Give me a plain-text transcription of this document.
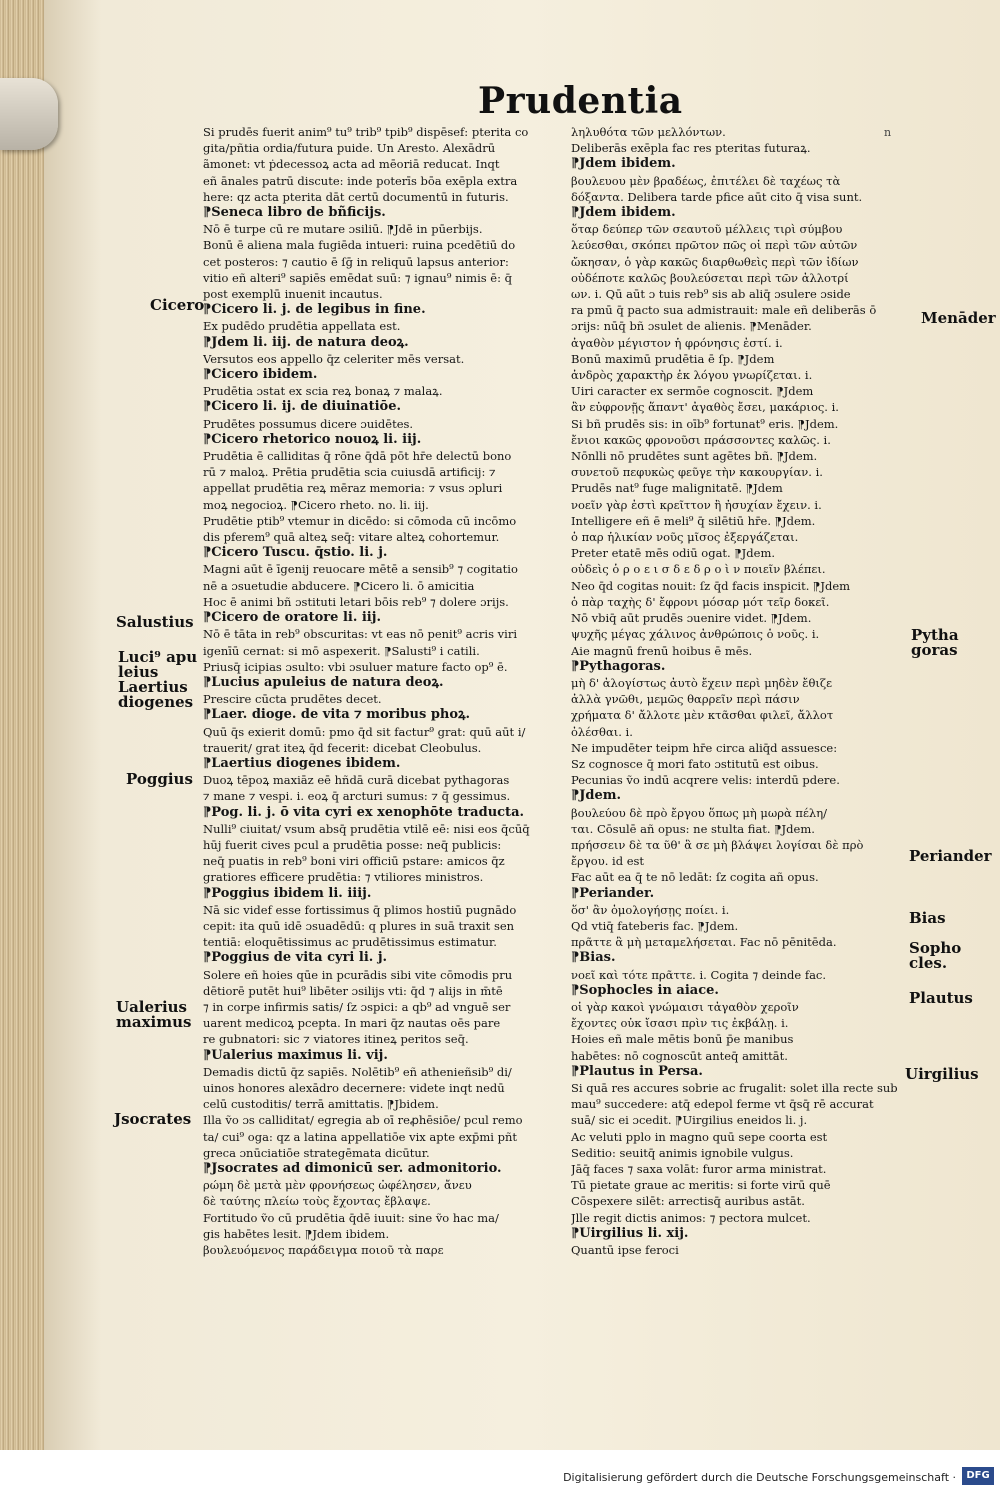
Prudentia
n
Si prudēs fuerit anim⁹ tu⁹ trib⁹ tpib⁹ dispēsef: pterita co
gita/pñtia ordia/futura puide. Un Aresto. Alexādrū
ãmonet: vt ṗdecessoꝝ acta ad mēoriā reducat. Inqt
eñ ānales patrū discute: inde poterīs bōa exēpla extra
here: qz acta pterita dāt certū documentū in futuris.
⁋Seneca libro de bñficijs.
Nō ē turpe cū re mutare ɔsiliū. ⁋Jdē in pūerbijs.
Bonū ē aliena mala fugiēda intueri: ruina pcedētiū do
cet posteros: ⁊ cautio ē ſḡ in reliquū lapsus anterior:
vitio eñ alteri⁹ sapiēs emēdat suū: ⁊ ignau⁹ nimis ē: q̄
post exemplū inuenit incautus.
⁋Cicero li. j. de legibus in fine.
Ex pudēdo prudētia appellata est.
⁋Jdem li. iij. de natura deoꝝ.
Versutos eos appello q̄z celeriter mēs versat.
⁋Cicero ibidem.
Prudētia ɔstat ex scia reꝝ bonaꝝ ⁊ malaꝝ.
⁋Cicero li. ij. de diuinatiōe.
Prudētes possumus dicere ɔuidētes.
⁋Cicero rhetorico nouoꝝ li. iij.
Prudētia ē calliditas q̄ rōne q̄dā pōt hr̄e delectū bono
rū ⁊ maloꝝ. Prētia prudētia scia cuiusdā artificij: ⁊
appellat prudētia reꝝ mēraz memoria: ⁊ vsus ɔpluri
moꝝ negocioꝝ. ⁋Cicero rheto. no. li. iij.
Prudētie ptib⁹ vtemur in dicēdo: si cōmoda cū incōmo
dis pferem⁹ quā alteꝝ seq̄: vitare alteꝝ cohortemur.
⁋Cicero Tuscu. q̄stio. li. j.
Magni aūt ē īgenij reuocare mētē a sensib⁹ ⁊ cogitatio
nē a ɔsuetudie abducere. ⁋Cicero li. ō amicitia
Hoc ē animi bñ ɔstituti letari bōis reb⁹ ⁊ dolere ɔrijs.
⁋Cicero de oratore li. iij.
Nō ē tāta in reb⁹ obscuritas: vt eas nō penit⁹ acris viri
igenīū cernat: si mō aspexerit. ⁋Salusti⁹ i catili.
Priusq̄ icipias ɔsulto: vbi ɔsuluer mature facto op⁹ ē.
⁋Lucius apuleius de natura deoꝝ.
Prescire cūcta prudētes decet.
⁋Laer. dioge. de vita ⁊ moribus phoꝝ.
Quū q̄s exierit domū: pmo q̄d sit factur⁹ grat: quū aūt i/
trauerit/ grat iteꝝ q̄d fecerit: dicebat Cleobulus.
⁋Laertius diogenes ibidem.
Duoꝝ tēpoꝝ maxiāz eē hñdā curā dicebat pythagoras
⁊ mane ⁊ vespi. i. eoꝝ q̄ arcturi sumus: ⁊ q̄ gessimus.
⁋Pog. li. j. ō vita cyri ex xenophōte traducta.
Nulli⁹ ciuitat/ vsum absq̄ prudētia vtilē eē: nisi eos q̄cūq̄
hūj fuerit cives pcul a prudētia posse: neq̄ publicis:
neq̄ puatis in reb⁹ boni viri officiū pstare: amicos q̄z
gratiores efficere prudētia: ⁊ vtiliores ministros.
⁋Poggius ibidem li. iiij.
Nā sic videf esse fortissimus q̄ plimos hostiū pugnādo
cepit: ita quū idē ɔsuadēdū: q plures in suā traxit sen
tentiā: eloquētissimus ac prudētissimus estimatur.
⁋Poggius de vita cyri li. j.
Solere eñ hoies qūe in pcurādis sibi vite cōmodis pru
dētiorē putēt hui⁹ libēter ɔsilijs vti: q̄d ⁊ alijs in m̄tē
⁊ in corpe infirmis satis/ ſz ɔspici: a qb⁹ ad vnguē ser
uarent medicoꝝ pcepta. In mari q̄z nautas oēs pare
re gubnatori: sic ⁊ viatores itineꝝ peritos seq̄.
⁋Ualerius maximus li. vij.
Demadis dictū q̄z sapiēs. Nolētib⁹ eñ athenieñsib⁹ di/
uinos honores alexādro decernere: videte inqt nedū
celū custoditis/ terrā amittatis. ⁋Jbidem.
Illa ṽo ɔs calliditat/ egregia ab oī reꝓhēsiōe/ pcul remo
ta/ cui⁹ oga: qz a latina appellatiōe vix apte exp̄mi pñt
greca ɔnūciatiōe strategēmata dicūtur.
⁋Jsocrates ad dimonicū ser. admonitorio.
ρώμη δὲ μετὰ μὲν φρονήσεως ὠφέλησεν, ἄνευ
δὲ ταύτης πλείω τοὺς ἔχοντας ἔβλαψε.
Fortitudo ṽo cū prudētia q̄dē iuuit: sine ṽo hac ma/
gis habētes lesit. ⁋Jdem ibidem.
βουλευόμενος παράδειγμα ποιοῦ τὰ παρε
ληλυθότα τῶν μελλόντων.
Deliberās exēpla fac res pteritas futuraꝝ.
⁋Jdem ibidem.
βουλευου μὲν βραδέως, ἐπιτέλει δὲ ταχέως τὰ
δόξαντα. Delibera tarde pfice aūt cito q̄ visa sunt.
⁋Jdem ibidem.
ὅταρ δεύπερ τῶν σεαυτοῦ μέλλεις τιρὶ σύμβου
λεύεσθαι, σκόπει πρῶτον πῶς οἱ περὶ τῶν αὐτῶν
ὤκησαν, ὁ γὰρ κακῶς διαρθωθεὶς περὶ τῶν ἰδίων
οὐδέποτε καλῶς βουλεύσεται περὶ τῶν ἀλλοτρί
ων. i. Qū aūt ɔ tuis reb⁹ sis ab aliq̄ ɔsulere ɔside
ra pmū q̄ pacto sua admistrauit: male eñ deliberās ō
ɔrijs: nūq̄ bñ ɔsulet de alienis. ⁋Menāder.
ἀγαθὸν μέγιστον ἡ φρόνησις ἐστί. i.
Bonū maximū prudētia ē ſp. ⁋Jdem
ἀνδρὸς χαρακτὴρ ἐκ λόγου γνωρίζεται. i.
Uiri caracter ex sermōe cognoscit. ⁋Jdem
ἂν εὐφρονῇς ἅπαντ' ἀγαθὸς ἔσει, μακάριος. i.
Si bñ prudēs sis: in oīb⁹ fortunat⁹ eris. ⁋Jdem.
ἔνιοι κακῶς φρονοῦσι πράσσοντες καλῶς. i.
Nōnlli nō prudētes sunt agētes bñ. ⁋Jdem.
συνετοῦ πεφυκὼς φεῦγε τὴν κακουργίαν. i.
Prudēs nat⁹ fuge malignitatē. ⁋Jdem
νοεῖν γὰρ ἐστὶ κρεῖττον ἢ ἠσυχίαν ἔχειν. i.
Intelligere eñ ē meli⁹ q̄ silētiū hr̄e. ⁋Jdem.
ὁ παρ ἡλικίαν νοῦς μῖσος ἐξεργάζεται.
Preter etatē mēs odiū ogat. ⁋Jdem.
οὐδεὶς ὁ ρ ο ε ι σ δ ε δ ρ ο ὶ ν ποιεῖν βλέπει.
Neo q̄d cogitas nouit: ſz q̄d facis inspicit. ⁋Jdem
ὁ πὰρ ταχὴς δ' ἔφρονι μόσαρ μότ τεῖρ δοκεῖ.
Nō vbiq̄ aūt prudēs ɔuenire videt. ⁋Jdem.
ψυχῆς μέγας χάλινος ἀνθρώποις ὁ νοῦς. i.
Aie magnū frenū hoibus ē mēs.
⁋Pythagoras.
μὴ δ' ἀλογίστως ἀυτὸ ἔχειν περὶ μηδὲν ἔθιζε
ἀλλὰ γνῶθι, μεμῶς θαρρεῖν περὶ πάσιν
χρήματα δ' ἄλλοτε μὲν κτᾶσθαι φιλεῖ, ἄλλοτ
ὀλέσθαι. i.
Ne impudēter teipm hr̄e circa aliq̄d assuesce:
Sz cognosce q̄ mori fato ɔstitutū est oibus.
Pecunias ṽo indū acqrere velis: interdū pdere.
⁋Jdem.
βουλεύου δὲ πρὸ ἔργου ὅπως μὴ μωρὰ πέλη/
ται. Cōsulē añ opus: ne stulta fiat. ⁋Jdem.
πρήσσειν δὲ τα ῦθ' ἃ σε μὴ βλάψει λογίσαι δὲ πρὸ
ἔργου. id est
Fac aūt ea q̄ te nō ledāt: ſz cogita añ opus.
⁋Periander.
ὅσ' ἂν ὁμολογήσῃς ποίει. i.
Qd vtiq̄ fateberis fac. ⁋Jdem.
πρᾶττε ἃ μὴ μεταμελήσεται. Fac nō pēnitēda.
⁋Bias.
νοεῖ καὶ τότε πρᾶττε. i. Cogita ⁊ deinde fac.
⁋Sophocles in aiace.
οἱ γὰρ κακοὶ γνώμαισι τἀγαθὸν χεροῖν
ἔχοντες οὐκ ἴσασι πρὶν τις ἐκβάλῃ. i.
Hoies eñ male mētis bonū p̄e manibus
habētes: nō cognoscūt anteq̄ amittāt.
⁋Plautus in Persa.
Si quā res accures sobrie ac frugalit: solet illa recte sub
mau⁹ succedere: atq̄ edepol ferme vt q̄sq̄ rē accurat
suā/ sic ei ɔcedit. ⁋Uirgilius eneidos li. j.
Ac veluti pplo in magno quū sepe coorta est
Seditio: seuitq̄ animis ignobile vulgus.
Jāq̄ faces ⁊ saxa volāt: furor arma ministrat.
Tū pietate graue ac meritis: si forte virū quē
Cōspexere silēt: arrectisq̄ auribus astāt.
Jlle regit dictis animos: ⁊ pectora mulcet.
⁋Uirgilius li. xij.
Quantū ipse feroci
Cicero
Salustius
Luci⁹ apu
leius
Laertius
diogenes
Poggius
Ualerius
maximus
Jsocrates
Menāder
Pytha
goras
Periander
Bias
Sopho
cles.
Plautus
Uirgilius
Digitalisierung gefördert durch die Deutsche Forschungsgemeinschaft ·	DFG
